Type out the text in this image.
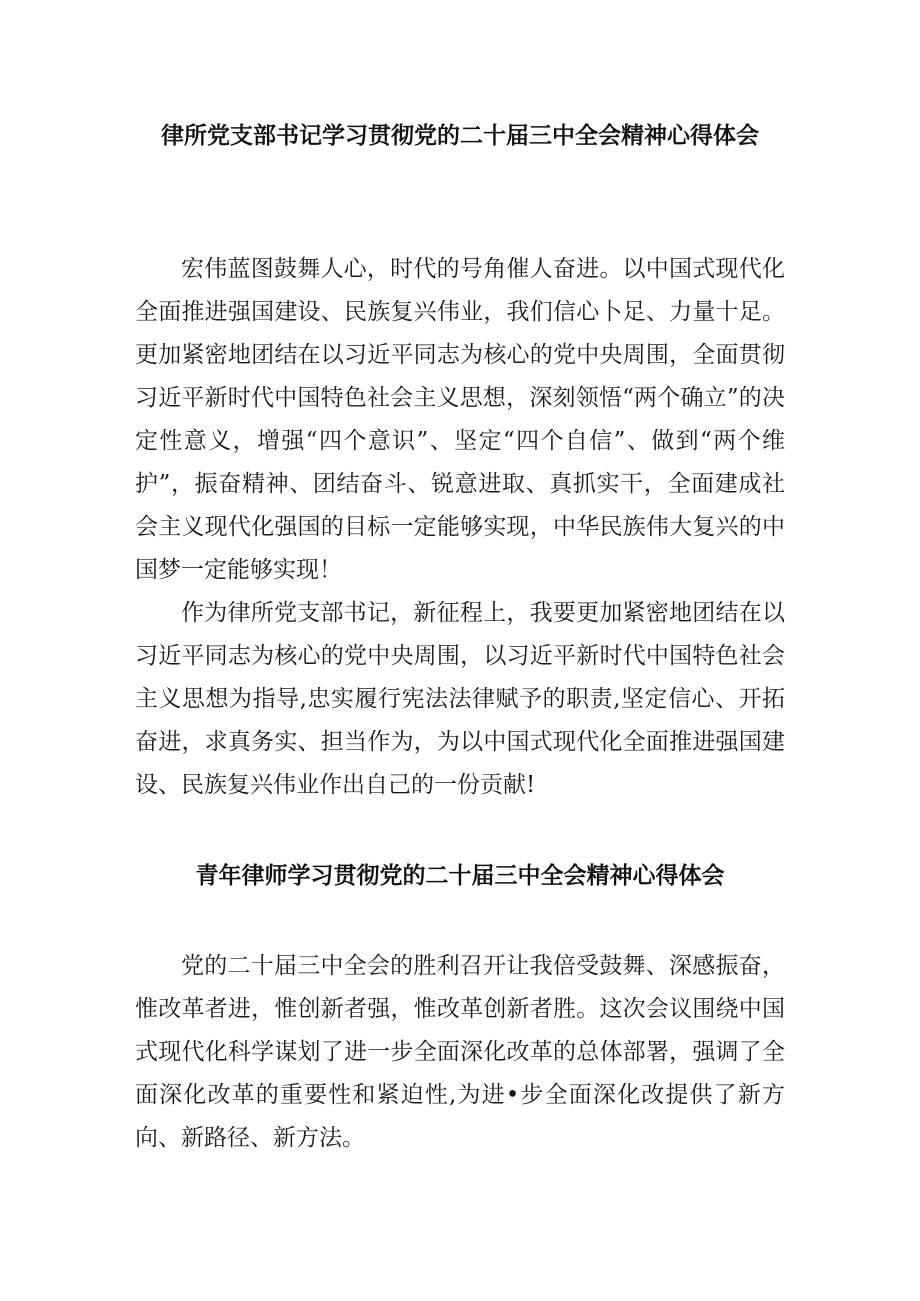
律所党支部书记学习贯彻党的二十届三中全会精神心得体会

宏伟蓝图鼓舞人心，时代的号角催人奋进。以中国式现代化全面推进强国建设、民族复兴伟业，我们信心卜足、力量十足。更加紧密地团结在以习近平同志为核心的党中央周围，全面贯彻习近平新时代中国特色社会主义思想，深刻领悟“两个确立”的决定性意义，增强“四个意识”、坚定“四个自信”、做到“两个维护”，振奋精神、团结奋斗、锐意进取、真抓实干，全面建成社会主义现代化强国的目标一定能够实现，中华民族伟大复兴的中国梦一定能够实现！

作为律所党支部书记，新征程上，我要更加紧密地团结在以习近平同志为核心的党中央周围，以习近平新时代中国特色社会主义思想为指导,忠实履行宪法法律赋予的职责,坚定信心、开拓奋进，求真务实、担当作为，为以中国式现代化全面推进强国建设、民族复兴伟业作出自己的一份贡献!

青年律师学习贯彻党的二十届三中全会精神心得体会

党的二十届三中全会的胜利召开让我倍受鼓舞、深感振奋，惟改革者进，惟创新者强，惟改革创新者胜。这次会议围绕中国式现代化科学谋划了进一步全面深化改革的总体部署，强调了全面深化改革的重要性和紧迫性,为进•步全面深化改提供了新方向、新路径、新方法。
